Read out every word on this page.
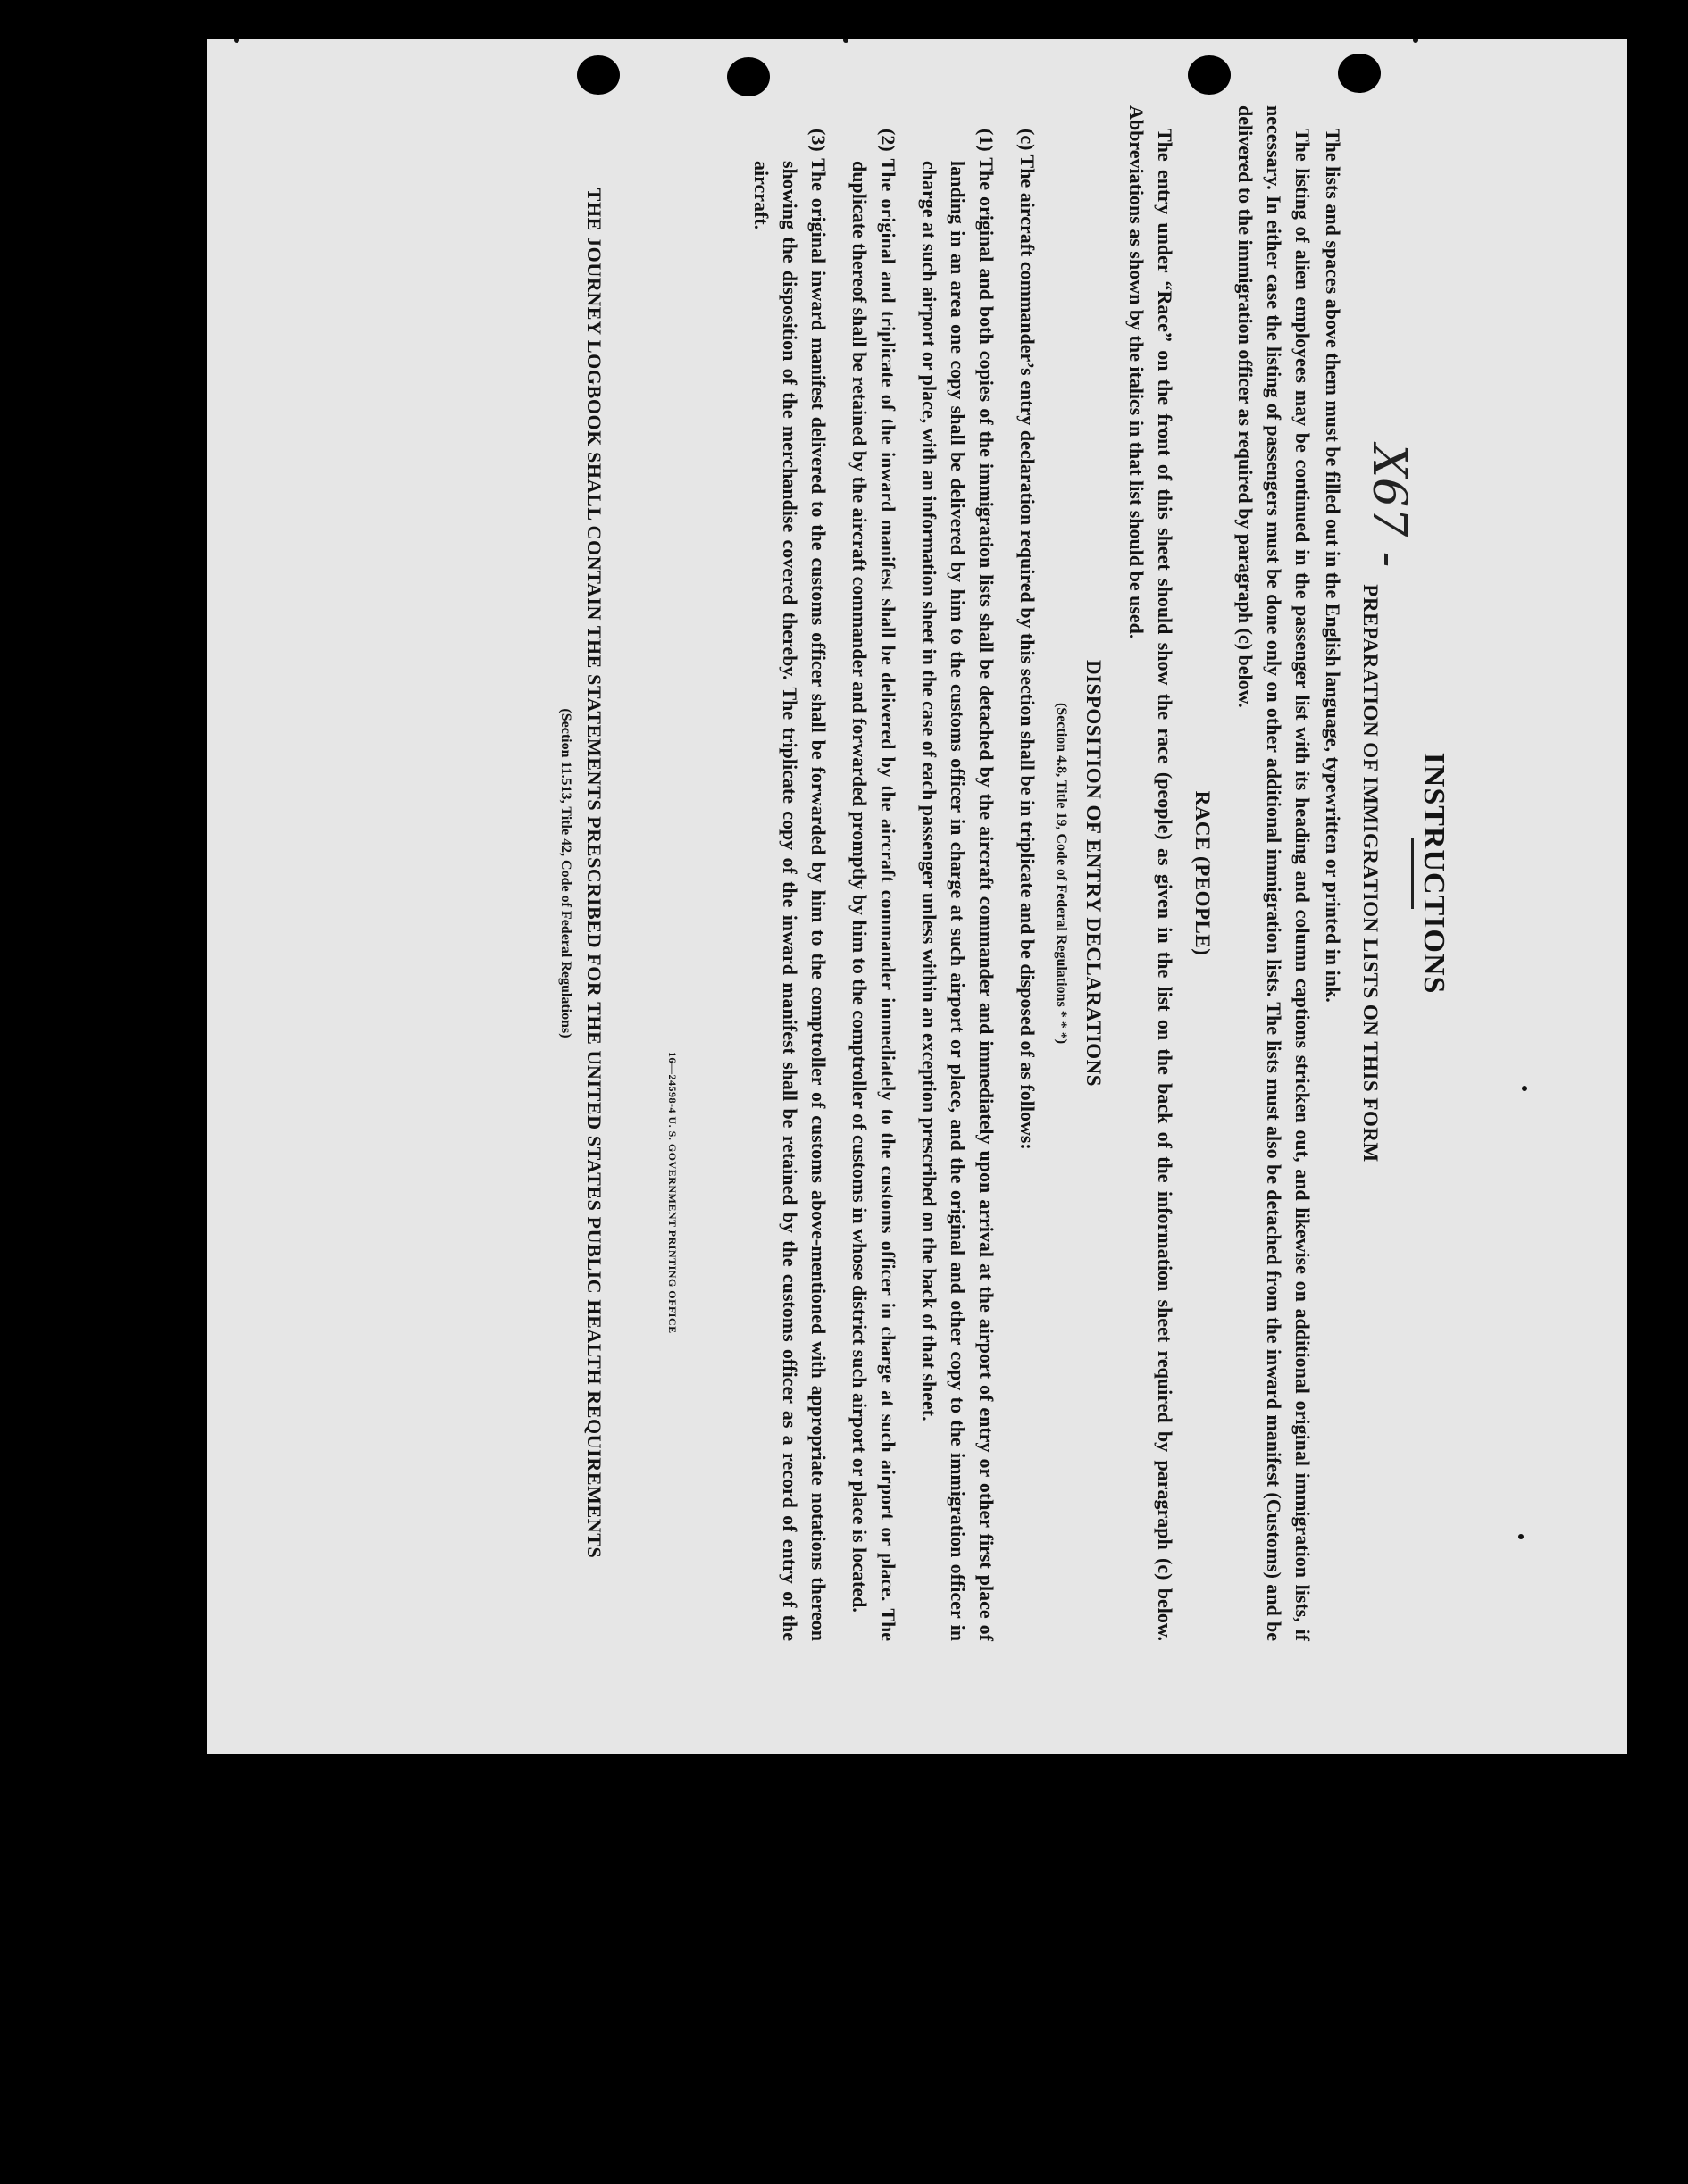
X67 -
INSTRUCTIONS
PREPARATION OF IMMIGRATION LISTS ON THIS FORM

The lists and spaces above them must be filled out in the English language, typewritten or printed in ink.

The listing of alien employees may be continued in the passenger list with its heading and column captions stricken out, and likewise on additional original immigration lists, if necessary. In either case the listing of passengers must be done only on other additional immigration lists. The lists must also be detached from the inward manifest (Customs) and be delivered to the immigration officer as required by paragraph (c) below.

RACE (PEOPLE)

The entry under “Race” on the front of this sheet should show the race (people) as given in the list on the back of the information sheet required by paragraph (c) below. Abbreviations as shown by the italics in that list should be used.

DISPOSITION OF ENTRY DECLARATIONS
(Section 4.8, Title 19, Code of Federal Regulations * * *)
(c) The aircraft commander’s entry declaration required by this section shall be in triplicate and be disposed of as follows:
(1) The original and both copies of the immigration lists shall be detached by the aircraft commander and immediately upon arrival at the airport of entry or other first place of landing in an area one copy shall be delivered by him to the customs officer in charge at such airport or place, and the original and other copy to the immigration officer in charge at such airport or place, with an information sheet in the case of each passenger unless within an exception prescribed on the back of that sheet.
(2) The original and triplicate of the inward manifest shall be delivered by the aircraft commander immediately to the customs officer in charge at such airport or place. The duplicate thereof shall be retained by the aircraft commander and forwarded promptly by him to the comptroller of customs in whose district such airport or place is located.
(3) The original inward manifest delivered to the customs officer shall be forwarded by him to the comptroller of customs above-mentioned with appropriate notations thereon showing the disposition of the merchandise covered thereby. The triplicate copy of the inward manifest shall be retained by the customs officer as a record of entry of the aircraft.
16—24598-4 U. S. GOVERNMENT PRINTING OFFICE
THE JOURNEY LOGBOOK SHALL CONTAIN THE STATEMENTS PRESCRIBED FOR THE UNITED STATES PUBLIC HEALTH REQUIREMENTS
(Section 11.513, Title 42, Code of Federal Regulations)
